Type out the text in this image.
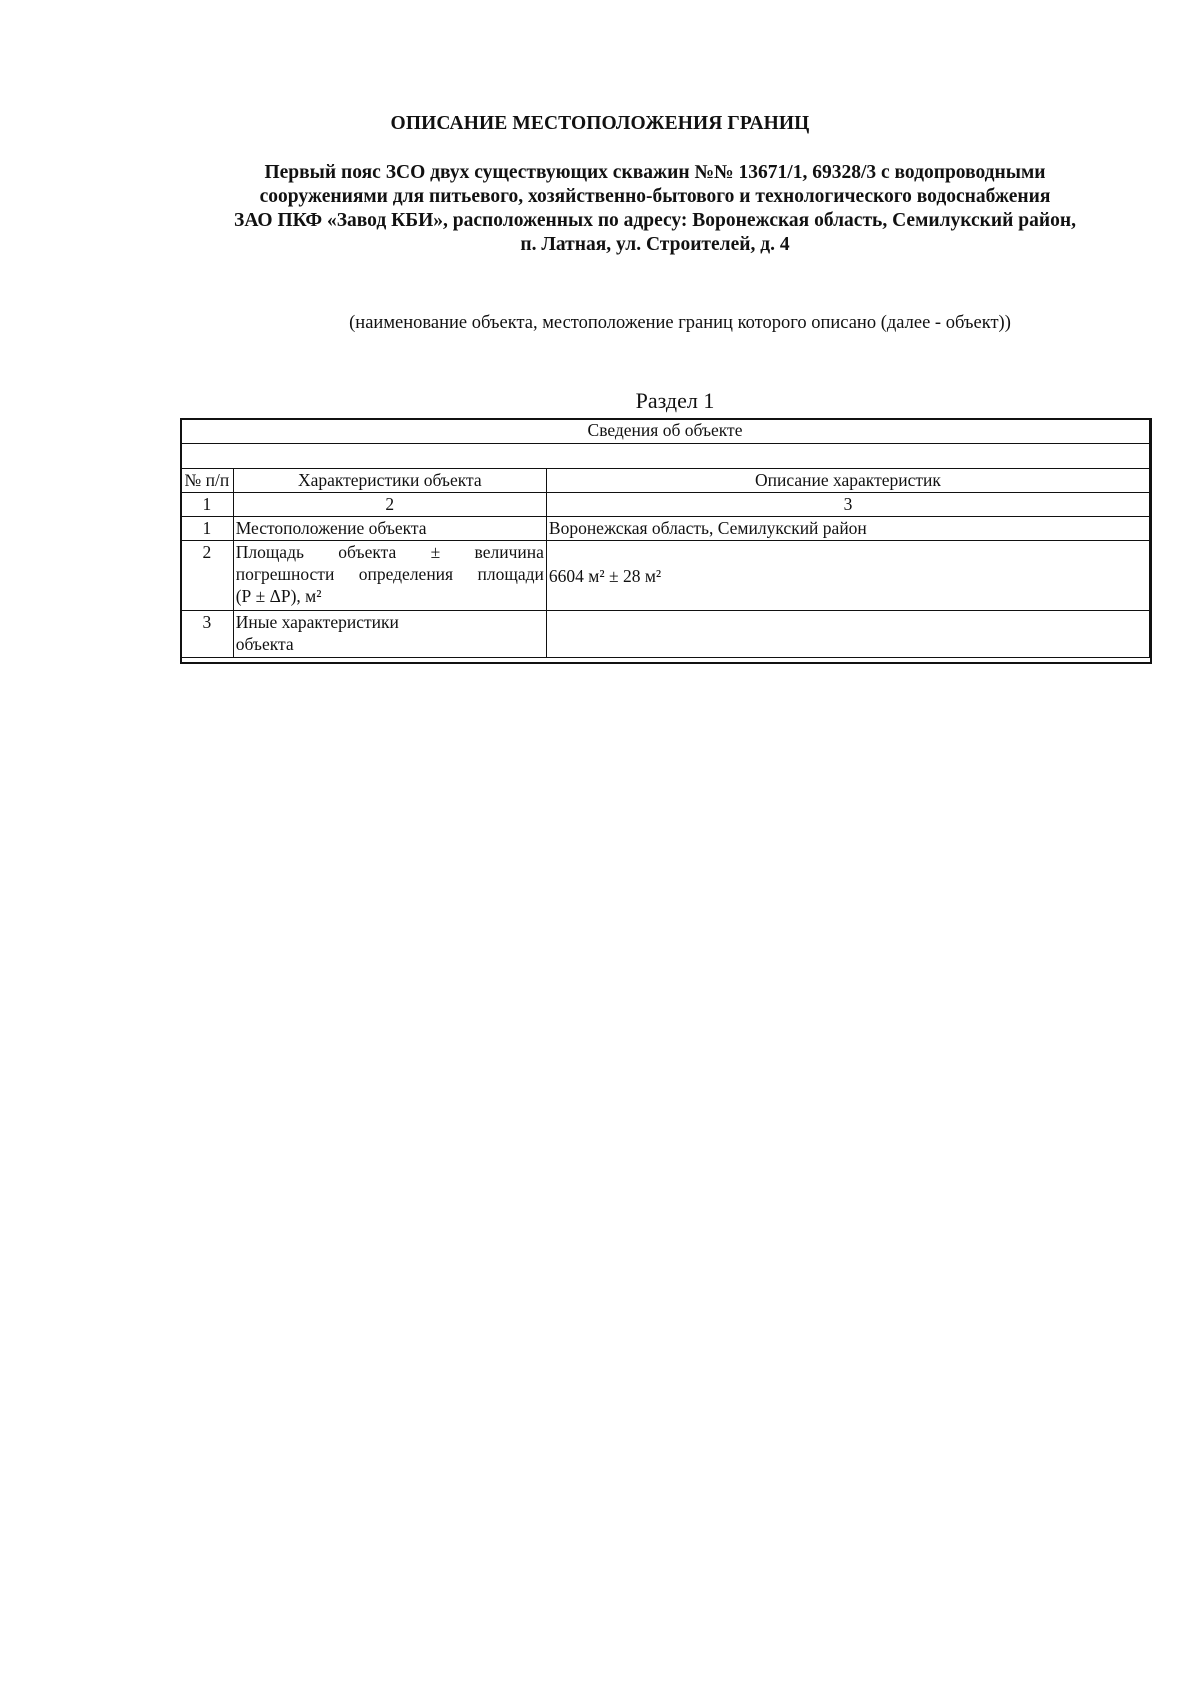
ОПИСАНИЕ МЕСТОПОЛОЖЕНИЯ ГРАНИЦ
Первый пояс ЗСО двух существующих скважин №№ 13671/1, 69328/3 с водопроводными
сооружениями для питьевого, хозяйственно-бытового и технологического водоснабжения
ЗАО ПКФ «Завод КБИ», расположенных по адресу: Воронежская область, Семилукский район,
п. Латная, ул. Строителей, д. 4
(наименование объекта, местоположение границ которого описано (далее - объект))
Раздел 1
Сведения об объекте		

№ п/п	Характеристики объекта	Описание характеристик
1	2	3
1	Местоположение объекта	Воронежская область, Семилукский район
2	Площадь объекта ± величина
погрешности определения площади
(Р ± ΔР), м²	6604 м² ± 28 м²
3	Иные характеристики
объекта	
